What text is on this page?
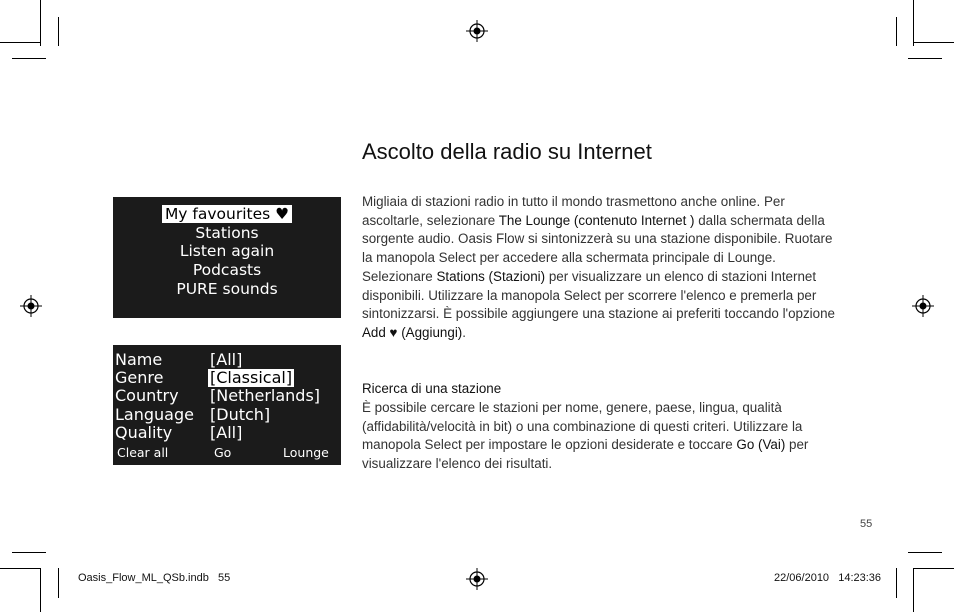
My favourites ♥
Stations
Listen again
Podcasts
PURE sounds
Name	[All]
Genre	[Classical]
Country [Netherlands]
Language [Dutch]
Quality [All]
Clear all	Go	Lounge
Ascolto della radio su Internet

Migliaia di stazioni radio in tutto il mondo trasmettono anche online. Per ascoltarle, selezionare The Lounge (contenuto Internet ) dalla schermata della sorgente audio. Oasis Flow si sintonizzerà su una stazione disponibile. Ruotare la manopola Select per accedere alla schermata principale di Lounge. Selezionare Stations (Stazioni) per visualizzare un elenco di stazioni Internet disponibili. Utilizzare la manopola Select per scorrere l'elenco e premerla per sintonizzarsi. È possibile aggiungere una stazione ai preferiti toccando l'opzione Add ♥ (Aggiungi).

Ricerca di una stazione

È possibile cercare le stazioni per nome, genere, paese, lingua, qualità (affidabilità/velocità in bit) o una combinazione di questi criteri. Utilizzare la manopola Select per impostare le opzioni desiderate e toccare Go (Vai) per visualizzare l'elenco dei risultati.

55
Oasis_Flow_ML_QSb.indb   55	22/06/2010   14:23:36
